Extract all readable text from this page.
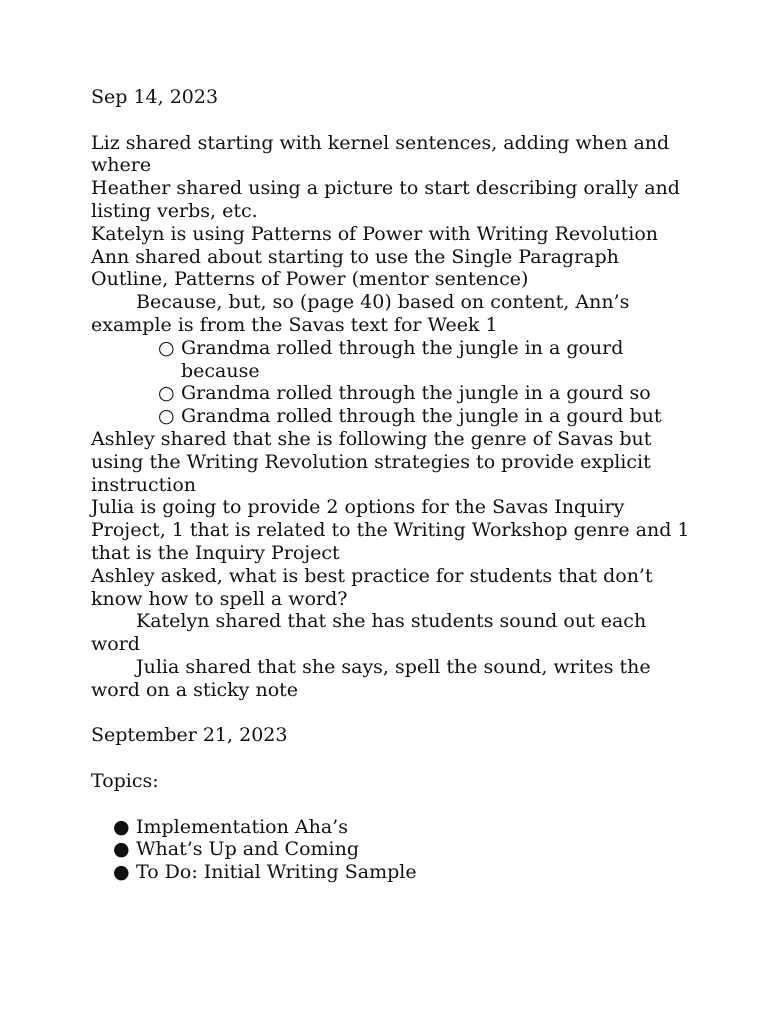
Sep 14, 2023

Liz shared starting with kernel sentences, adding when and where

Heather shared using a picture to start describing orally and listing verbs, etc.

Katelyn is using Patterns of Power with Writing Revolution

Ann shared about starting to use the Single Paragraph Outline, Patterns of Power (mentor sentence)

Because, but, so (page 40) based on content, Ann’s example is from the Savas text for Week 1

○ Grandma rolled through the jungle in a gourd because
○ Grandma rolled through the jungle in a gourd so
○ Grandma rolled through the jungle in a gourd but

Ashley shared that she is following the genre of Savas but using the Writing Revolution strategies to provide explicit instruction

Julia is going to provide 2 options for the Savas Inquiry Project, 1 that is related to the Writing Workshop genre and 1 that is the Inquiry Project

Ashley asked, what is best practice for students that don’t know how to spell a word?

Katelyn shared that she has students sound out each word

Julia shared that she says, spell the sound, writes the word on a sticky note

September 21, 2023

Topics:

● Implementation Aha’s
● What’s Up and Coming
● To Do: Initial Writing Sample
